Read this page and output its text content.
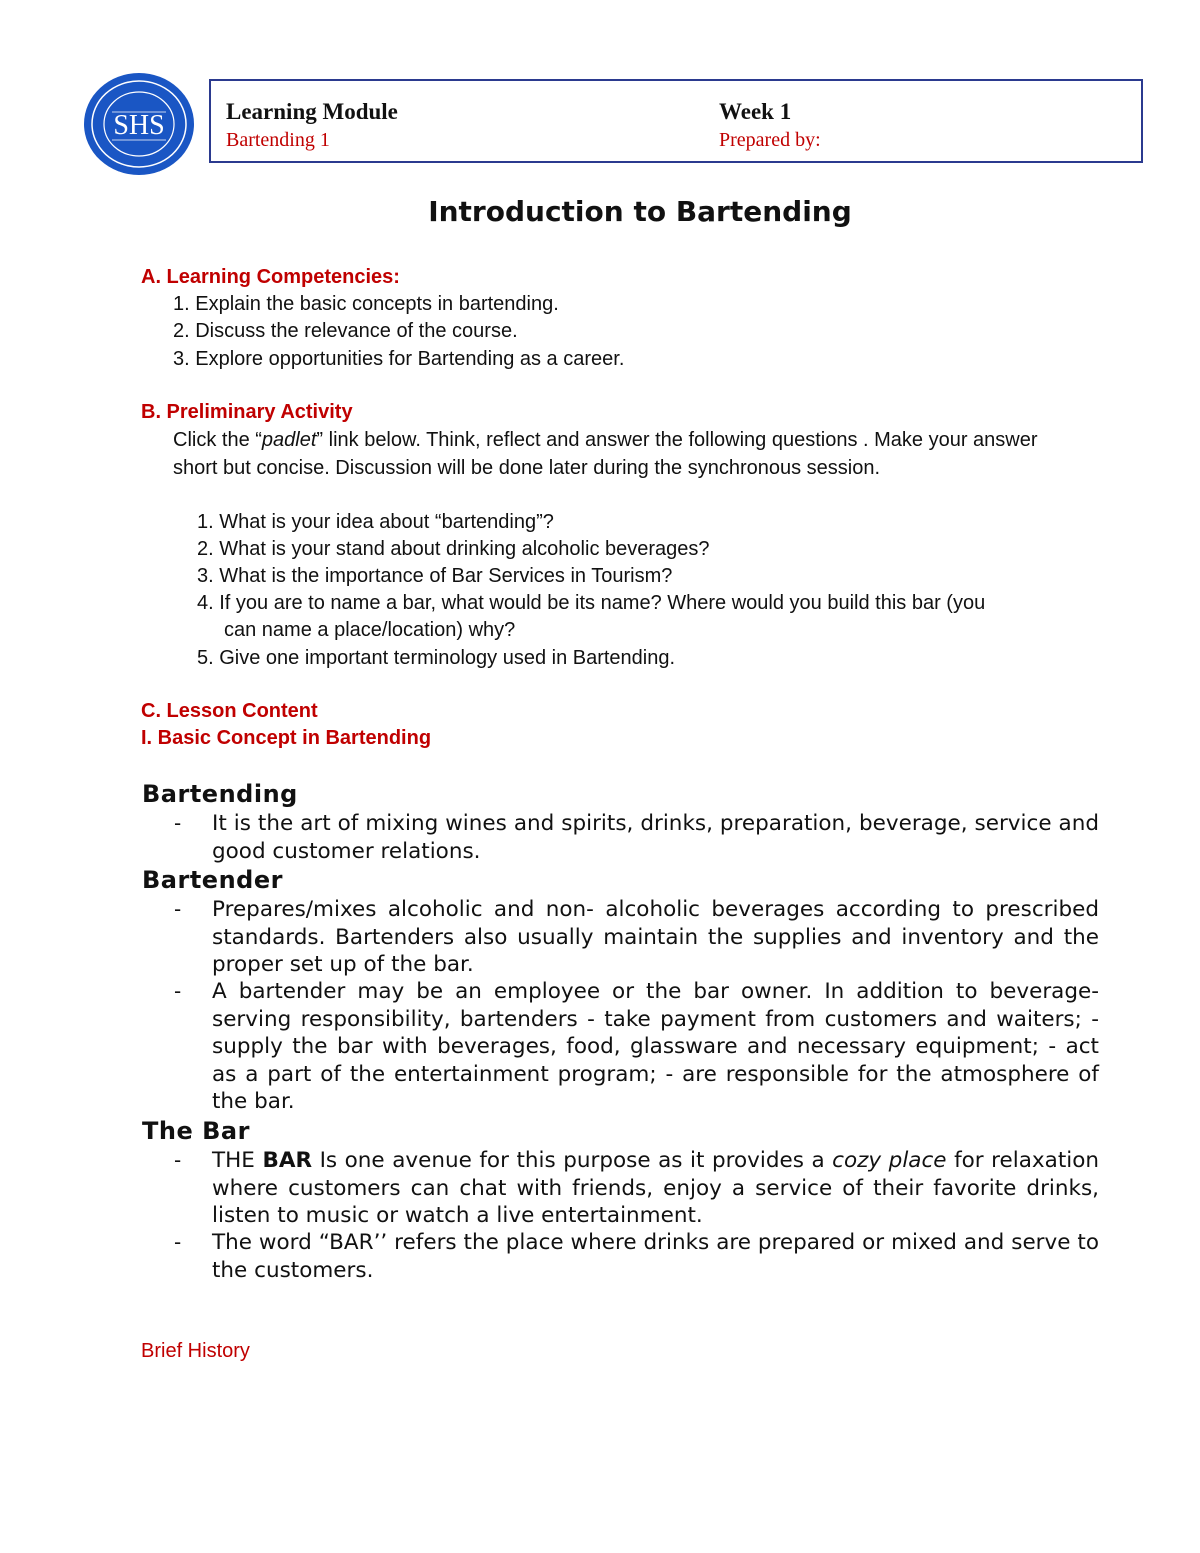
SHS	Learning Module
Bartending 1
Week 1
Prepared by:
Introduction to Bartending
A. Learning Competencies:
1. Explain the basic concepts in bartending.
2. Discuss the relevance of the course.
3. Explore opportunities for Bartending as a career.
B. Preliminary Activity
Click the “padlet” link below. Think, reflect and answer the following questions . Make your answer short but concise. Discussion will be done later during the synchronous session.
1. What is your idea about “bartending”?
2. What is your stand about drinking alcoholic beverages?
3. What is the importance of Bar Services in Tourism?
4. If you are to name a bar, what would be its name? Where would you build this bar (you
can name a place/location) why?
5. Give one important terminology used in Bartending.
C. Lesson Content
I. Basic Concept in Bartending
Bartending
- It is the art of mixing wines and spirits, drinks, preparation, beverage, service and good customer relations.
Bartender
- Prepares/mixes alcoholic and non- alcoholic beverages according to prescribed standards. Bartenders also usually maintain the supplies and inventory and the proper set up of the bar.
- A bartender may be an employee or the bar owner. In addition to beverage-serving responsibility, bartenders - take payment from customers and waiters; - supply the bar with beverages, food, glassware and necessary equipment; - act as a part of the entertainment program; - are responsible for the atmosphere of the bar.
The Bar
- THE BAR Is one avenue for this purpose as it provides a cozy place for relaxation where customers can chat with friends, enjoy a service of their favorite drinks, listen to music or watch a live entertainment.
- The word “BAR’’ refers the place where drinks are prepared or mixed and serve to the customers.
Brief History
